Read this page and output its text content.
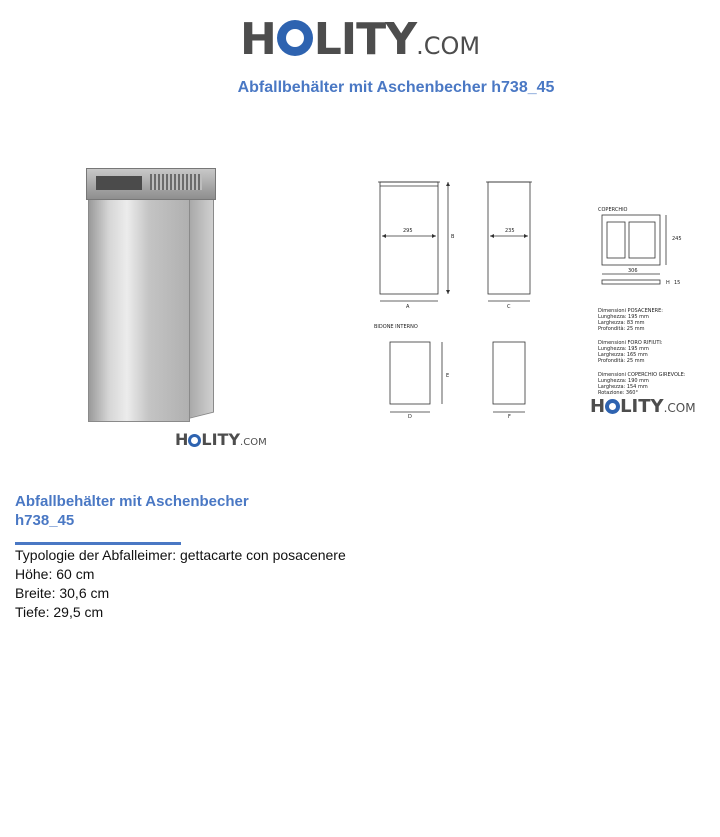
H LITY.COM
Abfallbehälter mit Aschenbecher h738_45
H LITY.COM
295
A
B
235
C
BIDONE INTERNO
E
D	F
COPERCHIO
245
306
H 15
Dimensioni POSACENERE:
Lunghezza: 195 mm
Larghezza: 83 mm
Profondità: 25 mm
Dimensioni FORO RIFIUTI:
Lunghezza: 195 mm
Larghezza: 165 mm
Profondità: 25 mm
Dimensioni COPERCHIO GIREVOLE:
Lunghezza: 190 mm
Larghezza: 154 mm
Rotazione: 360°
H LITY.COM
Abfallbehälter mit Aschenbecher
h738_45
Typologie der Abfalleimer: gettacarte con posacenere
Höhe: 60 cm
Breite: 30,6 cm
Tiefe: 29,5 cm
